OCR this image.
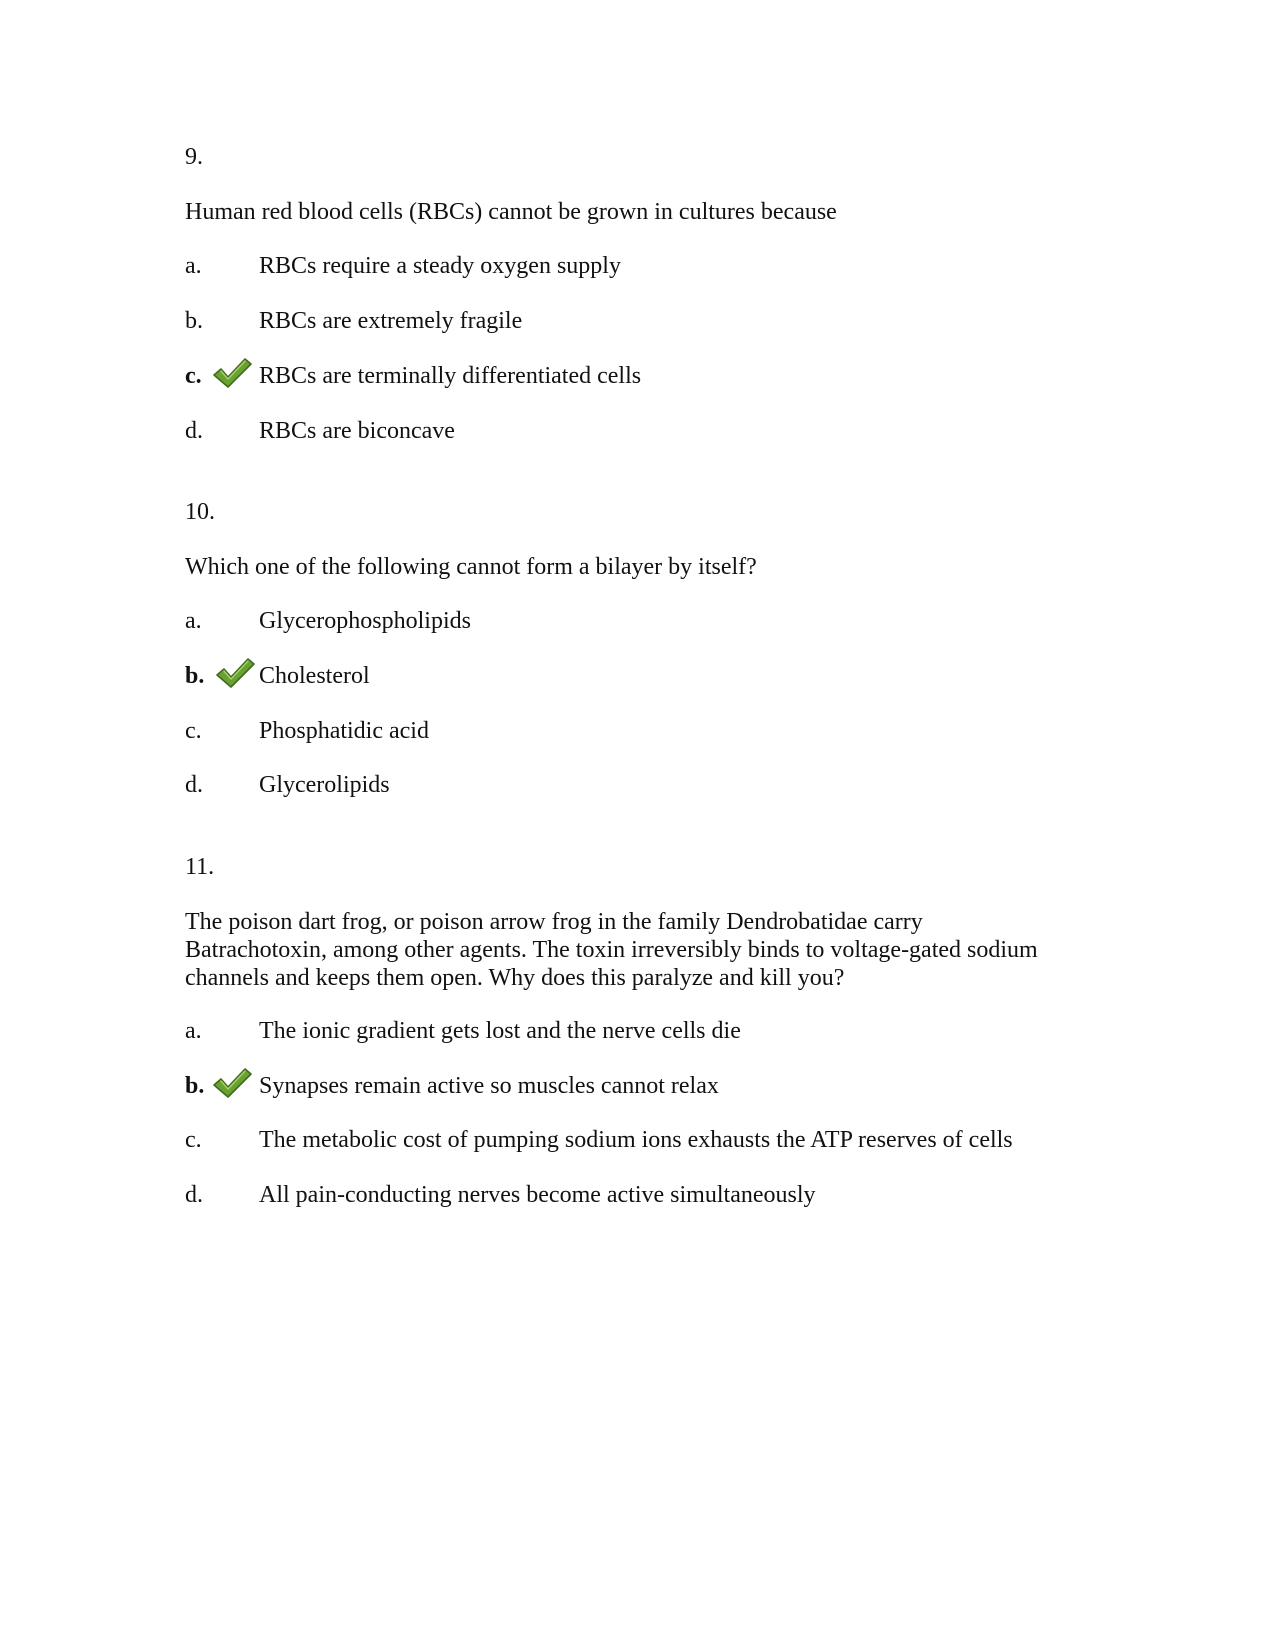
9.
Human red blood cells (RBCs) cannot be grown in cultures because
a.	RBCs require a steady oxygen supply
b.	RBCs are extremely fragile
c.	RBCs are terminally differentiated cells
d.	RBCs are biconcave
10.
Which one of the following cannot form a bilayer by itself?
a.	Glycerophospholipids
b.	Cholesterol
c.	Phosphatidic acid
d.	Glycerolipids
11.
The poison dart frog, or poison arrow frog in the family Dendrobatidae carry Batrachotoxin, among other agents. The toxin irreversibly binds to voltage-gated sodium channels and keeps them open. Why does this paralyze and kill you?
a.	The ionic gradient gets lost and the nerve cells die
b.	Synapses remain active so muscles cannot relax
c.	The metabolic cost of pumping sodium ions exhausts the ATP reserves of cells
d.	All pain-conducting nerves become active simultaneously
